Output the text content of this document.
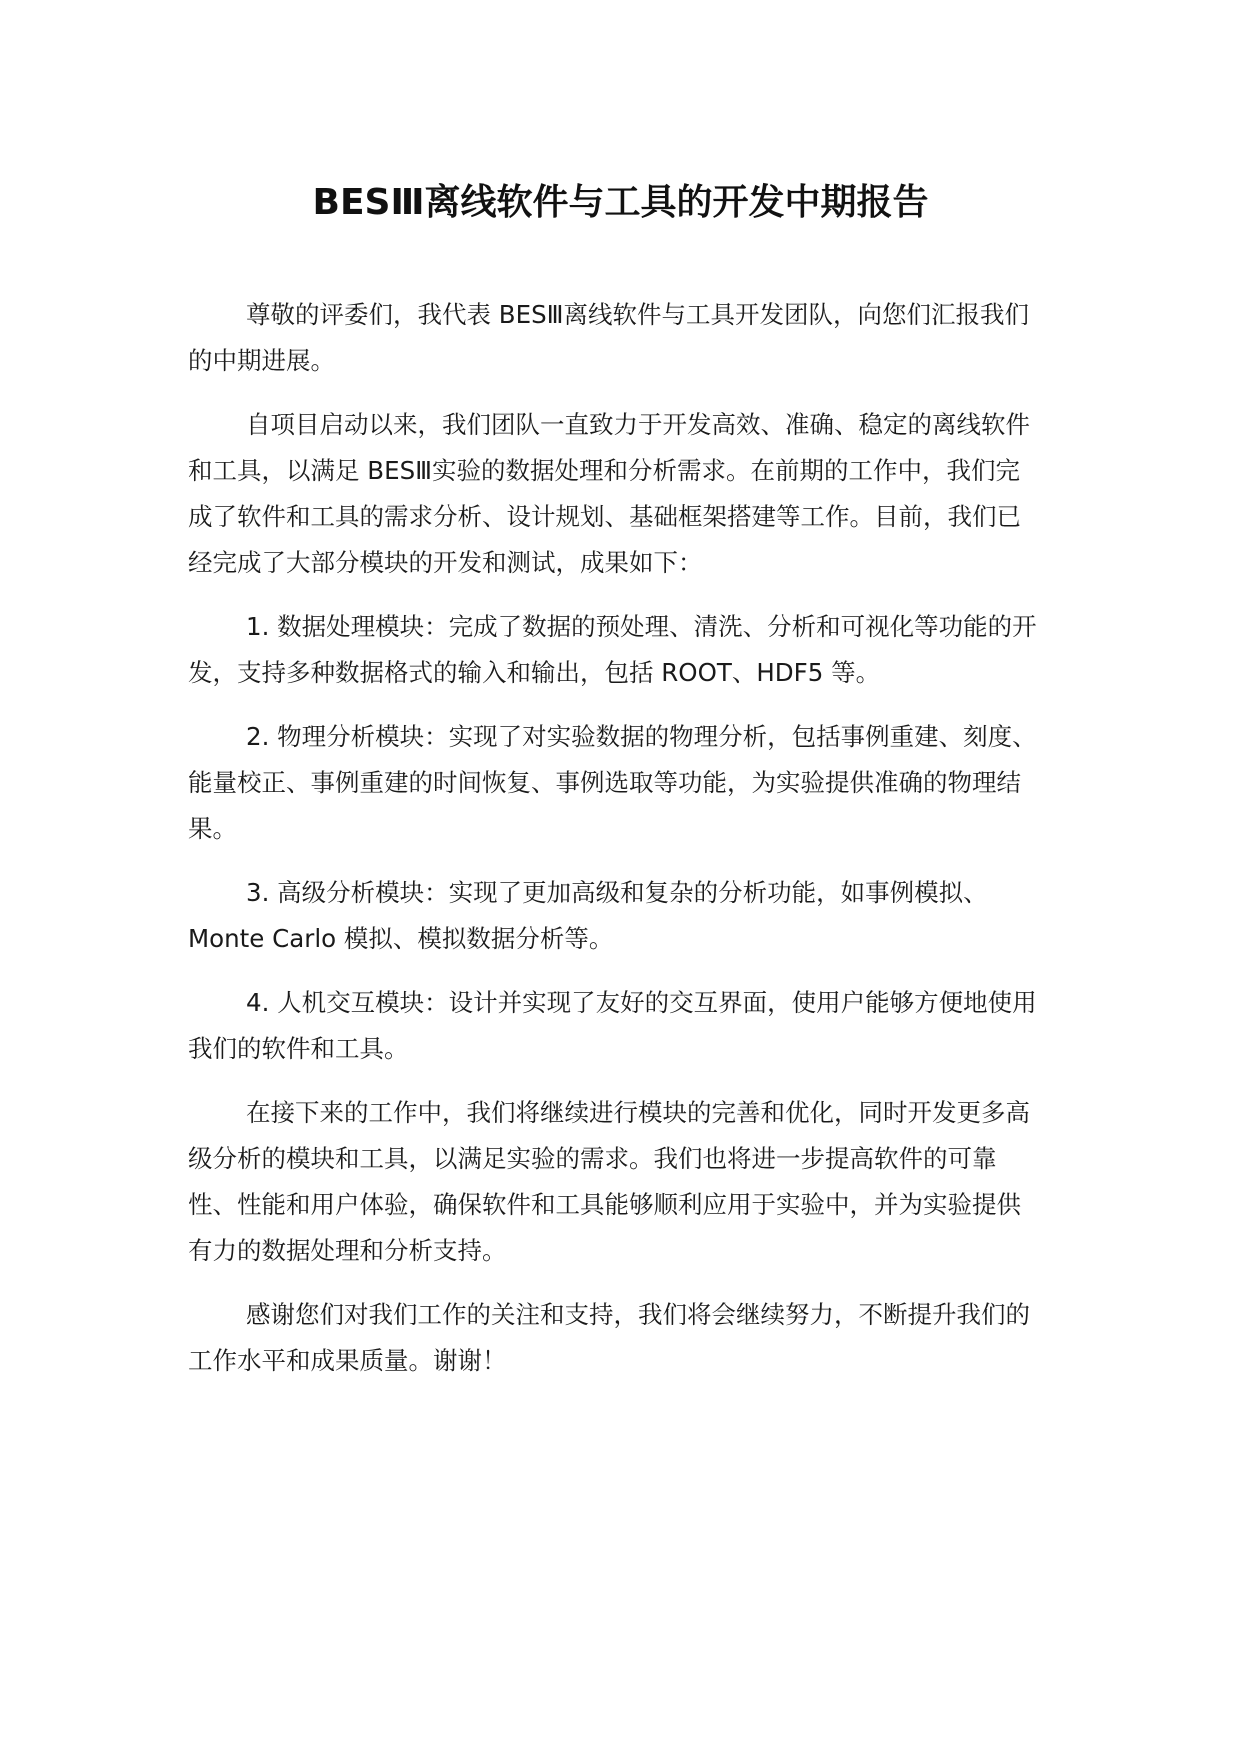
BESⅢ离线软件与工具的开发中期报告

尊敬的评委们，我代表 BESⅢ离线软件与工具开发团队，向您们汇报我们的中期进展。

自项目启动以来，我们团队一直致力于开发高效、准确、稳定的离线软件和工具，以满足 BESⅢ实验的数据处理和分析需求。在前期的工作中，我们完成了软件和工具的需求分析、设计规划、基础框架搭建等工作。目前，我们已经完成了大部分模块的开发和测试，成果如下：

1. 数据处理模块：完成了数据的预处理、清洗、分析和可视化等功能的开发，支持多种数据格式的输入和输出，包括 ROOT、HDF5 等。

2. 物理分析模块：实现了对实验数据的物理分析，包括事例重建、刻度、能量校正、事例重建的时间恢复、事例选取等功能，为实验提供准确的物理结果。

3. 高级分析模块：实现了更加高级和复杂的分析功能，如事例模拟、Monte Carlo 模拟、模拟数据分析等。

4. 人机交互模块：设计并实现了友好的交互界面，使用户能够方便地使用我们的软件和工具。

在接下来的工作中，我们将继续进行模块的完善和优化，同时开发更多高级分析的模块和工具，以满足实验的需求。我们也将进一步提高软件的可靠性、性能和用户体验，确保软件和工具能够顺利应用于实验中，并为实验提供有力的数据处理和分析支持。

感谢您们对我们工作的关注和支持，我们将会继续努力，不断提升我们的工作水平和成果质量。谢谢！
